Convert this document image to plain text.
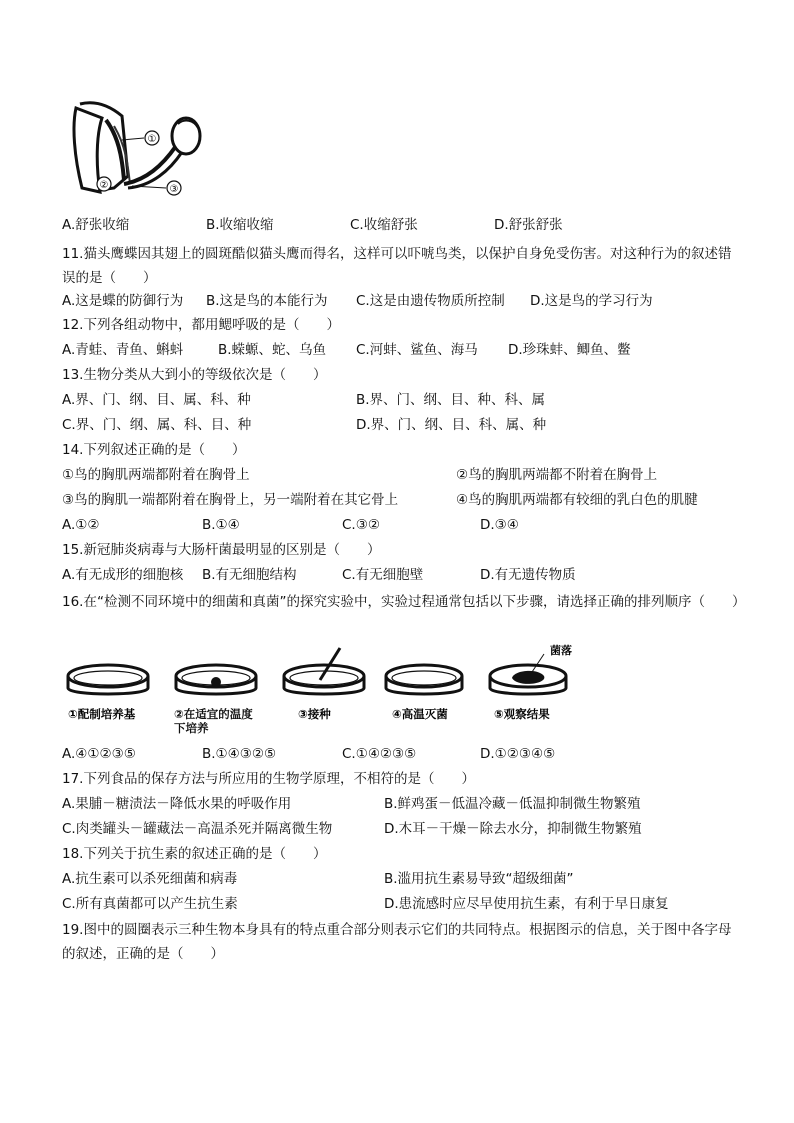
①
②	③
A.舒张收缩	B.收缩收缩	C.收缩舒张	D.舒张舒张
11.猫头鹰蝶因其翅上的圆斑酷似猫头鹰而得名，这样可以吓唬鸟类，以保护自身免受伤害。对这种行为的叙述错误的是（　　）
A.这是蝶的防御行为 B.这是鸟的本能行为 C.这是由遗传物质所控制 D.这是鸟的学习行为
12.下列各组动物中，都用鳃呼吸的是（　　）
A.青蛙、青鱼、蝌蚪	B.蝾螈、蛇、乌鱼 C.河蚌、鲨鱼、海马 D.珍珠蚌、鲫鱼、鳖
13.生物分类从大到小的等级依次是（　　）
A.界、门、纲、目、属、科、种	B.界、门、纲、目、种、科、属
C.界、门、纲、属、科、目、种	D.界、门、纲、目、科、属、种
14.下列叙述正确的是（　　）
①鸟的胸肌两端都附着在胸骨上	②鸟的胸肌两端都不附着在胸骨上
③鸟的胸肌一端都附着在胸骨上，另一端附着在其它骨上	④鸟的胸肌两端都有较细的乳白色的肌腱
A.①②	B.①④	C.③②	D.③④
15.新冠肺炎病毒与大肠杆菌最明显的区别是（　　）
A.有无成形的细胞核 B.有无细胞结构	C.有无细胞壁	D.有无遗传物质
16.在“检测不同环境中的细菌和真菌”的探究实验中，实验过程通常包括以下步骤，请选择正确的排列顺序（　　）
菌落
①配制培养基	③接种	④高温灭菌	⑤观察结果
②在适宜的温度下培养
A.④①②③⑤	B.①④③②⑤	C.①④②③⑤	D.①②③④⑤
17.下列食品的保存方法与所应用的生物学原理，不相符的是（　　）
A.果脯－糖渍法－降低水果的呼吸作用	B.鲜鸡蛋－低温冷藏－低温抑制微生物繁殖
C.肉类罐头－罐藏法－高温杀死并隔离微生物	D.木耳－干燥－除去水分，抑制微生物繁殖
18.下列关于抗生素的叙述正确的是（　　）
A.抗生素可以杀死细菌和病毒	B.滥用抗生素易导致“超级细菌”
C.所有真菌都可以产生抗生素	D.患流感时应尽早使用抗生素，有利于早日康复
19.图中的圆圈表示三种生物本身具有的特点重合部分则表示它们的共同特点。根据图示的信息，关于图中各字母的叙述，正确的是（　　）
